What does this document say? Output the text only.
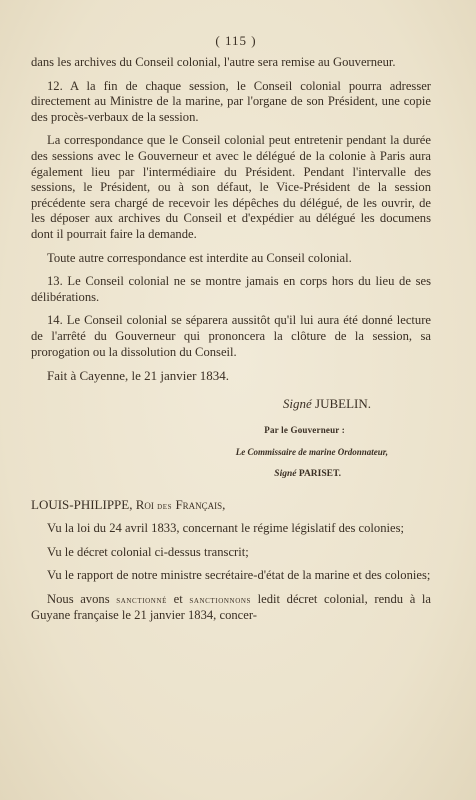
( 115 )

dans les archives du Conseil colonial, l'autre sera remise au Gouverneur.

12. A la fin de chaque session, le Conseil colonial pourra adresser directement au Ministre de la marine, par l'organe de son Président, une copie des procès-verbaux de la session.

La correspondance que le Conseil colonial peut entretenir pendant la durée des sessions avec le Gouverneur et avec le délégué de la colonie à Paris aura également lieu par l'intermédiaire du Président. Pendant l'intervalle des sessions, le Président, ou à son défaut, le Vice-Président de la session précédente sera chargé de recevoir les dépêches du délégué, de les ouvrir, de les déposer aux archives du Conseil et d'expédier au délégué les documens dont il pourrait faire la demande.

Toute autre correspondance est interdite au Conseil colonial.

13. Le Conseil colonial ne se montre jamais en corps hors du lieu de ses délibérations.

14. Le Conseil colonial se séparera aussitôt qu'il lui aura été donné lecture de l'arrêté du Gouverneur qui prononcera la clôture de la session, sa prorogation ou la dissolution du Conseil.

Fait à Cayenne, le 21 janvier 1834.
Signé JUBELIN.
Par le Gouverneur :
Le Commissaire de marine Ordonnateur,
Signé PARISET.
LOUIS-PHILIPPE, Roi des Français,

Vu la loi du 24 avril 1833, concernant le régime législatif des colonies;

Vu le décret colonial ci-dessus transcrit;

Vu le rapport de notre ministre secrétaire-d'état de la marine et des colonies;

Nous avons sanctionné et sanctionnons ledit décret colonial, rendu à la Guyane française le 21 janvier 1834, concer-
